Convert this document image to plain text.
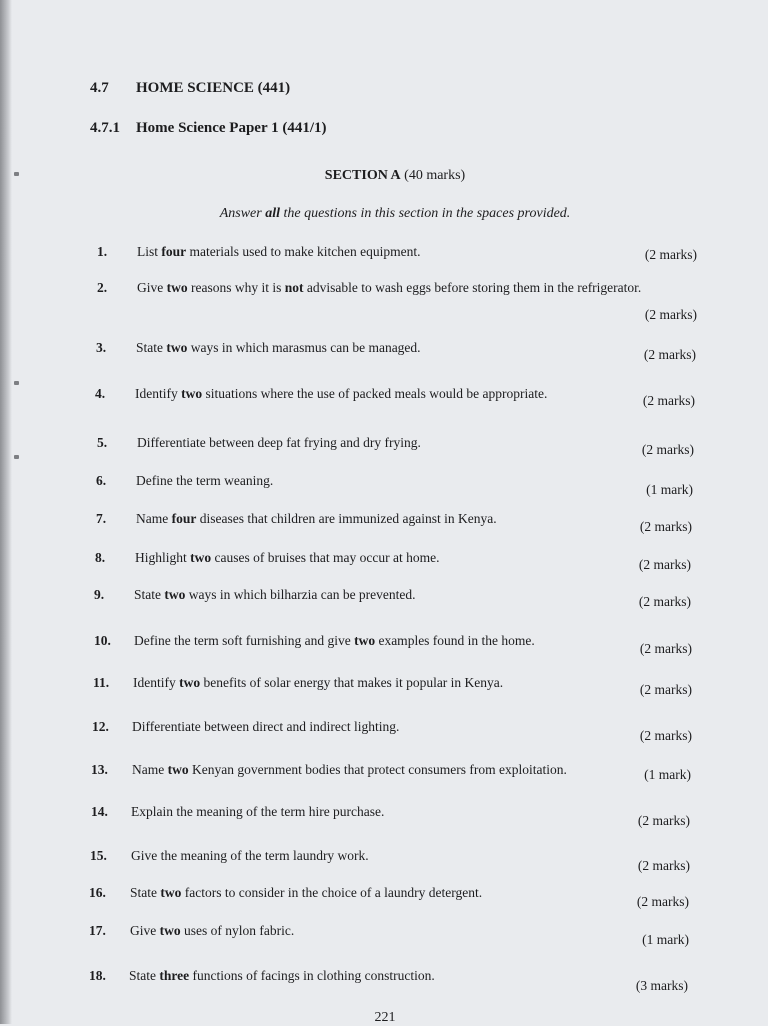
4.7 HOME SCIENCE (441)
4.7.1 Home Science Paper 1 (441/1)
SECTION A (40 marks)
Answer all the questions in this section in the spaces provided.
1. List four materials used to make kitchen equipment.	(2 marks)
2. Give two reasons why it is not advisable to wash eggs before storing them in the refrigerator.
(2 marks)
3. State two ways in which marasmus can be managed.	(2 marks)
4. Identify two situations where the use of packed meals would be appropriate.	(2 marks)
5. Differentiate between deep fat frying and dry frying.	(2 marks)
6. Define the term weaning.
(1 mark)
7. Name four diseases that children are immunized against in Kenya.
(2 marks)
8. Highlight two causes of bruises that may occur at home.	(2 marks)
9. State two ways in which bilharzia can be prevented.	(2 marks)
10. Define the term soft furnishing and give two examples found in the home.
(2 marks)
11. Identify two benefits of solar energy that makes it popular in Kenya.	(2 marks)
12. Differentiate between direct and indirect lighting.
(2 marks)
13. Name two Kenyan government bodies that protect consumers from exploitation.	(1 mark)
14. Explain the meaning of the term hire purchase.
(2 marks)
15. Give the meaning of the term laundry work.
(2 marks)
16. State two factors to consider in the choice of a laundry detergent.
(2 marks)
17. Give two uses of nylon fabric.
(1 mark)
18. State three functions of facings in clothing construction.
(3 marks)
221
